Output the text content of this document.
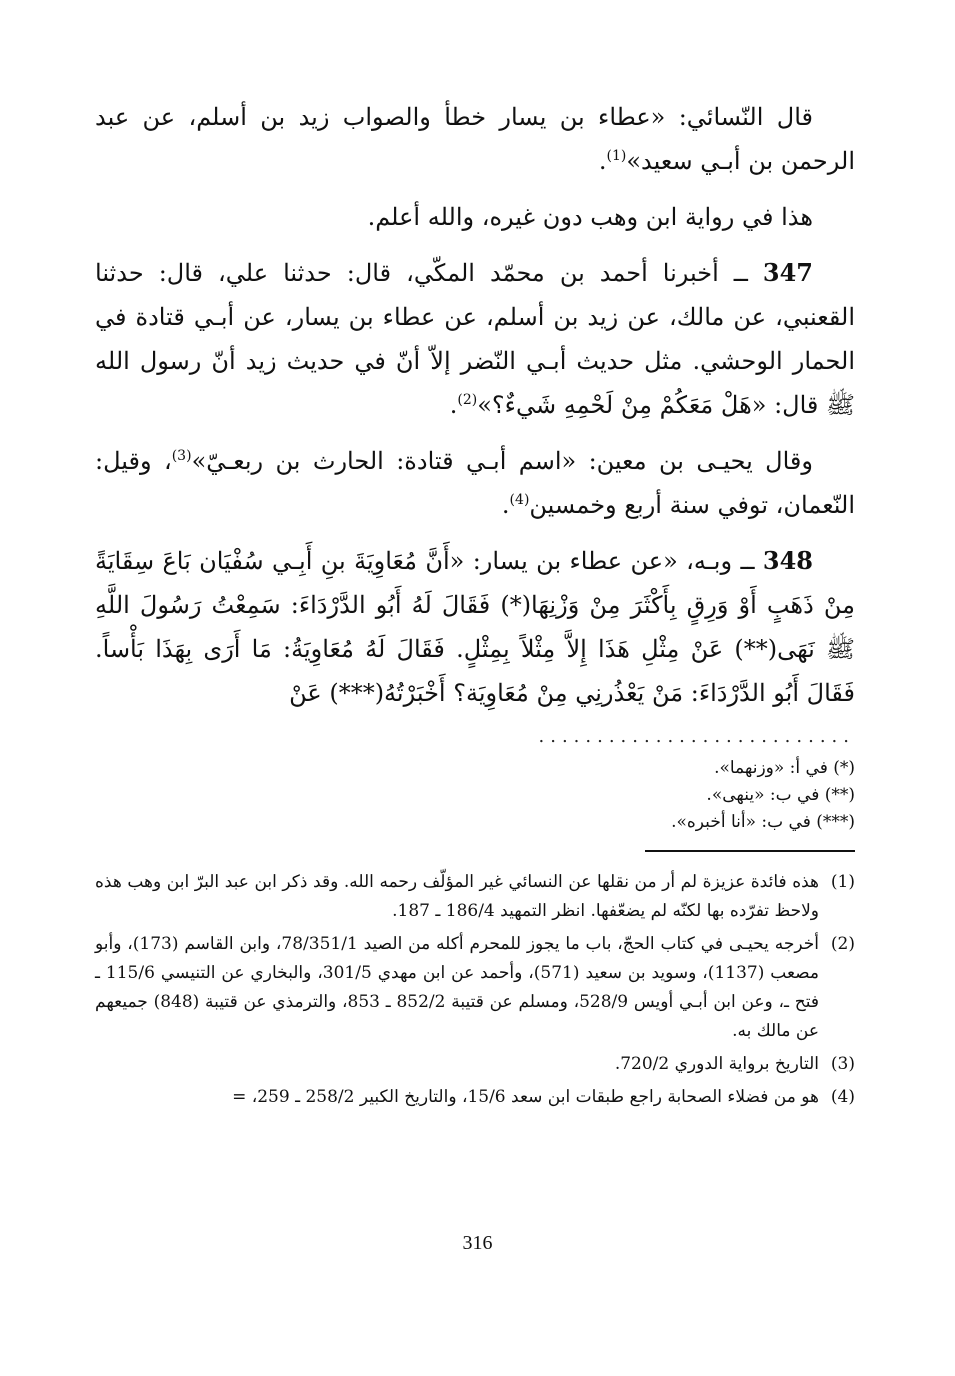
قال النّسائي: «عطاء بن يسار خطأ والصواب زيد بن أسلم، عن عبد الرحمن بن أبـي سعيد»$^{(1)}$.

هذا في رواية ابن وهب دون غيره، والله أعلم.

347 ــ أخبرنا أحمد بن محمّد المكّي، قال: حدثنا علي، قال: حدثنا القعنبي، عن مالك، عن زيد بن أسلم، عن عطاء بن يسار، عن أبـي قتادة في الحمار الوحشي. مثل حديث أبـي النّضر إلاّ أنّ في حديث زيد أنّ رسول الله ﷺ قال: «هَلْ مَعَكُمْ مِنْ لَحْمِهِ شَيءٌ؟»$^{(2)}$.

وقال يحيـى بن معين: «اسم أبـي قتادة: الحارث بن ربعـيّ»$^{(3)}$، وقيل: النّعمان، توفي سنة أربع وخمسين$^{(4)}$.

348 ــ وبـه، «عن عطاء بن يسار: «أَنَّ مُعَاوِيَةَ بنِ أَبِـي سُفْيَان بَاعَ سِقَايَةً مِنْ ذَهَبٍ أَوْ وَرِقٍ بِأَكْثَرَ مِنْ وَزْنِهَا(*) فَقَالَ لَهُ أَبُو الدَّرْدَاءَ: سَمِعْتُ رَسُولَ اللَّهِ ﷺ نَهَى(**) عَنْ مِثْلِ هَذَا إِلاَّ مِثْلاً بِمِثْلٍ. فَقَالَ لَهُ مُعَاوِيَةُ: مَا أَرَى بِهَذَا بَأْساً. فَقَالَ أَبُو الدَّرْدَاءَ: مَنْ يَعْذُرنِي مِنْ مُعَاوِيَة؟ أَخْبَرْتُهُ(***) عَنْ

...........................

(*) في أ: «وزنهما».

(**) في ب: «ينهى».

(***) في ب: «أنا أخبره».

(1)
هذه فائدة عزيزة لم أر من نقلها عن النسائي غير المؤلّف رحمه الله. وقد ذكر ابن عبد البرّ ابن وهب هذه ولاحظ تفرّده بها لكنّه لم يضعّفها. انظر التمهيد 186/4 ـ 187.
(2)
أخرجه يحيـى في كتاب الحجّ، باب ما يجوز للمحرم أكله من الصيد 78/351/1، وابن القاسم (173)، وأبو مصعب (1137)، وسويد بن سعيد (571)، وأحمد عن ابن مهدي 301/5، والبخاري عن التنيسي 115/6 ـ فتح ـ، وعن ابن أبـي أويس 528/9، ومسلم عن قتيبة 852/2 ـ 853، والترمذي عن قتيبة (848) جميعهم عن مالك به.
(3)
التاريخ برواية الدوري 720/2.
(4)
هو من فضلاء الصحابة راجع طبقات ابن سعد 15/6، والتاريخ الكبير 258/2 ـ 259، =
316
